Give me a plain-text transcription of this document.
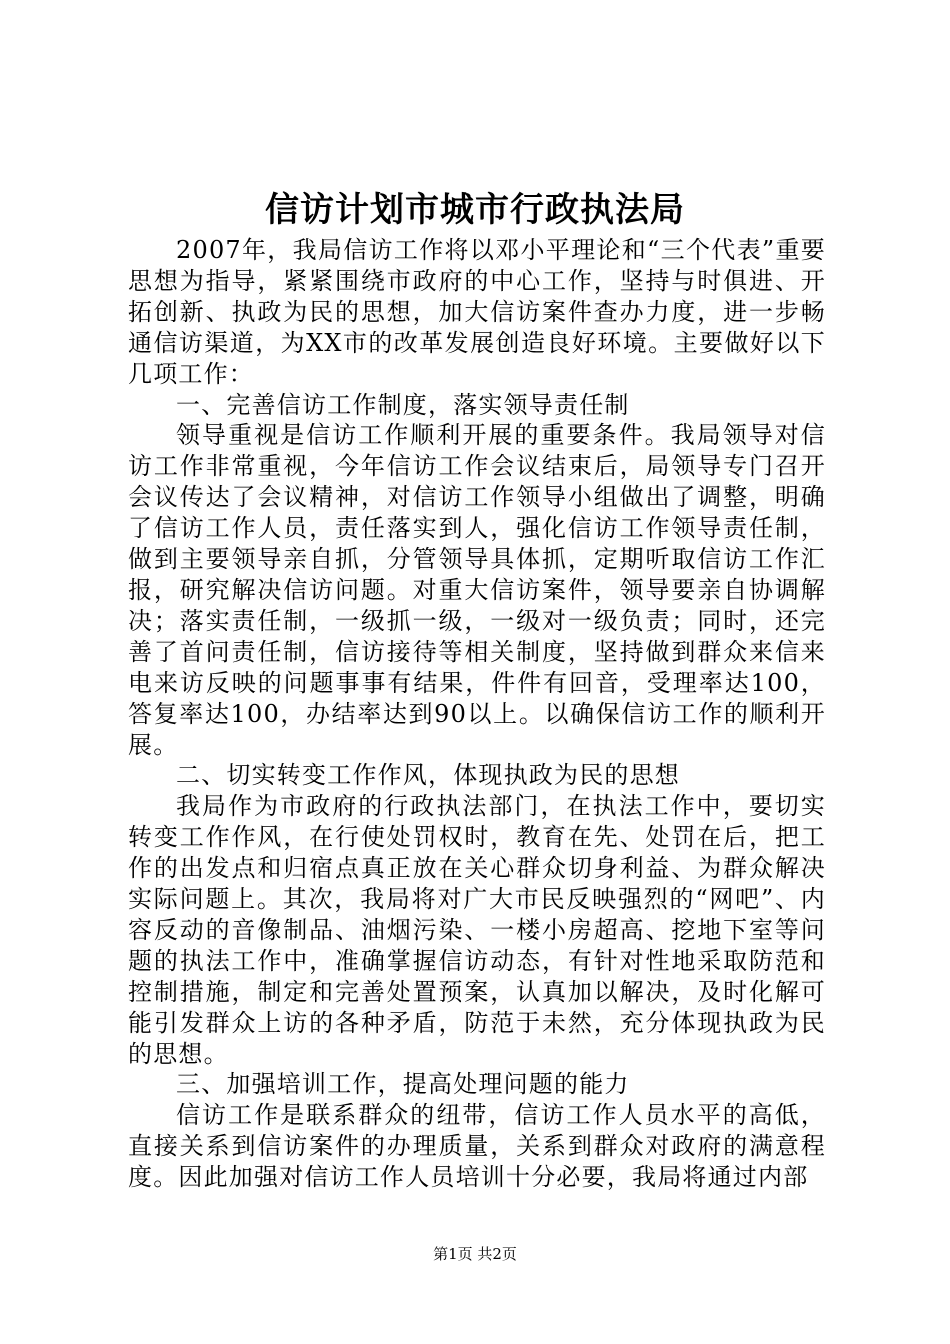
信访计划市城市行政执法局

2007年，我局信访工作将以邓小平理论和“三个代表”重要思想为指导，紧紧围绕市政府的中心工作，坚持与时俱进、开拓创新、执政为民的思想，加大信访案件查办力度，进一步畅通信访渠道，为XX市的改革发展创造良好环境。主要做好以下几项工作：

一、完善信访工作制度，落实领导责任制

领导重视是信访工作顺利开展的重要条件。我局领导对信访工作非常重视，今年信访工作会议结束后，局领导专门召开会议传达了会议精神，对信访工作领导小组做出了调整，明确了信访工作人员，责任落实到人，强化信访工作领导责任制，做到主要领导亲自抓，分管领导具体抓，定期听取信访工作汇报，研究解决信访问题。对重大信访案件，领导要亲自协调解决；落实责任制，一级抓一级，一级对一级负责；同时，还完善了首问责任制，信访接待等相关制度，坚持做到群众来信来电来访反映的问题事事有结果，件件有回音，受理率达100，答复率达100，办结率达到90以上。以确保信访工作的顺利开展。

二、切实转变工作作风，体现执政为民的思想

我局作为市政府的行政执法部门，在执法工作中，要切实转变工作作风，在行使处罚权时，教育在先、处罚在后，把工作的出发点和归宿点真正放在关心群众切身利益、为群众解决实际问题上。其次，我局将对广大市民反映强烈的“网吧”、内容反动的音像制品、油烟污染、一楼小房超高、挖地下室等问题的执法工作中，准确掌握信访动态，有针对性地采取防范和控制措施，制定和完善处置预案，认真加以解决，及时化解可能引发群众上访的各种矛盾，防范于未然，充分体现执政为民的思想。

三、加强培训工作，提高处理问题的能力

信访工作是联系群众的纽带，信访工作人员水平的高低，直接关系到信访案件的办理质量，关系到群众对政府的满意程度。因此加强对信访工作人员培训十分必要，我局将通过内部

第1页 共2页
